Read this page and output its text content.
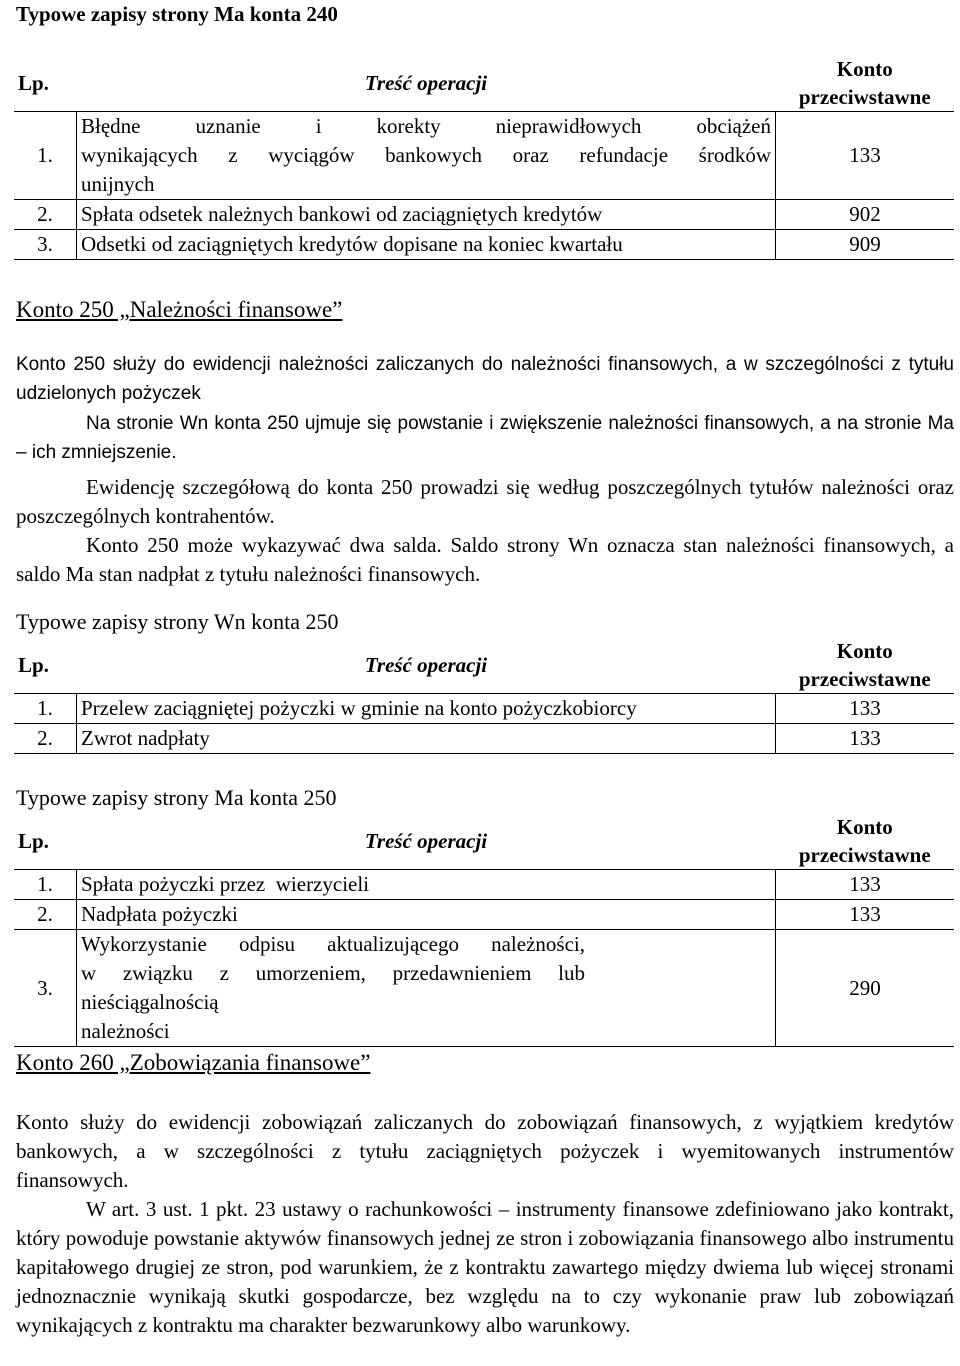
Typowe zapisy strony Ma konta 240

Lp.	Treść operacji	Konto
przeciwstawne

1.	Błędne uznanie i korekty nieprawidłowych obciążeń
wynikających z wyciągów bankowych oraz refundacje środków
unijnych	133
2.	Spłata odsetek należnych bankowi od zaciągniętych kredytów	902
3.	Odsetki od zaciągniętych kredytów dopisane na koniec kwartału	909

Konto 250 „Należności finansowe”

Konto 250 służy do ewidencji należności zaliczanych do należności finansowych, a w szczególności z tytułu udzielonych pożyczek

Na stronie Wn konta 250 ujmuje się powstanie i zwiększenie należności finansowych, a na stronie Ma – ich zmniejszenie.

Ewidencję szczegółową do konta 250 prowadzi się według poszczególnych tytułów należności oraz poszczególnych kontrahentów.

Konto 250 może wykazywać dwa salda. Saldo strony Wn oznacza stan należności finansowych, a saldo Ma stan nadpłat z tytułu należności finansowych.

Typowe zapisy strony Wn konta 250

Lp.	Treść operacji	Konto
przeciwstawne

1.	Przelew zaciągniętej pożyczki w gminie na konto pożyczkobiorcy	133
2.	Zwrot nadpłaty	133

Typowe zapisy strony Ma konta 250

Lp.	Treść operacji	Konto
przeciwstawne

1.	Spłata pożyczki przez  wierzycieli	133
2.	Nadpłata pożyczki	133
3.	Wykorzystanie odpisu aktualizującego należności,
w związku z umorzeniem, przedawnieniem lub nieściągalnością
należności	290

Konto 260 „Zobowiązania finansowe”

Konto służy do ewidencji zobowiązań zaliczanych do zobowiązań finansowych, z wyjątkiem kredytów bankowych, a w szczególności z tytułu zaciągniętych pożyczek i wyemitowanych instrumentów finansowych.

W art. 3 ust. 1 pkt. 23 ustawy o rachunkowości – instrumenty finansowe zdefiniowano jako kontrakt, który powoduje powstanie aktywów finansowych jednej ze stron i zobowiązania finansowego albo instrumentu kapitałowego drugiej ze stron, pod warunkiem, że z kontraktu zawartego między dwiema lub więcej stronami jednoznacznie wynikają skutki gospodarcze, bez względu na to czy wykonanie praw lub zobowiązań wynikających z kontraktu ma charakter bezwarunkowy albo warunkowy.
